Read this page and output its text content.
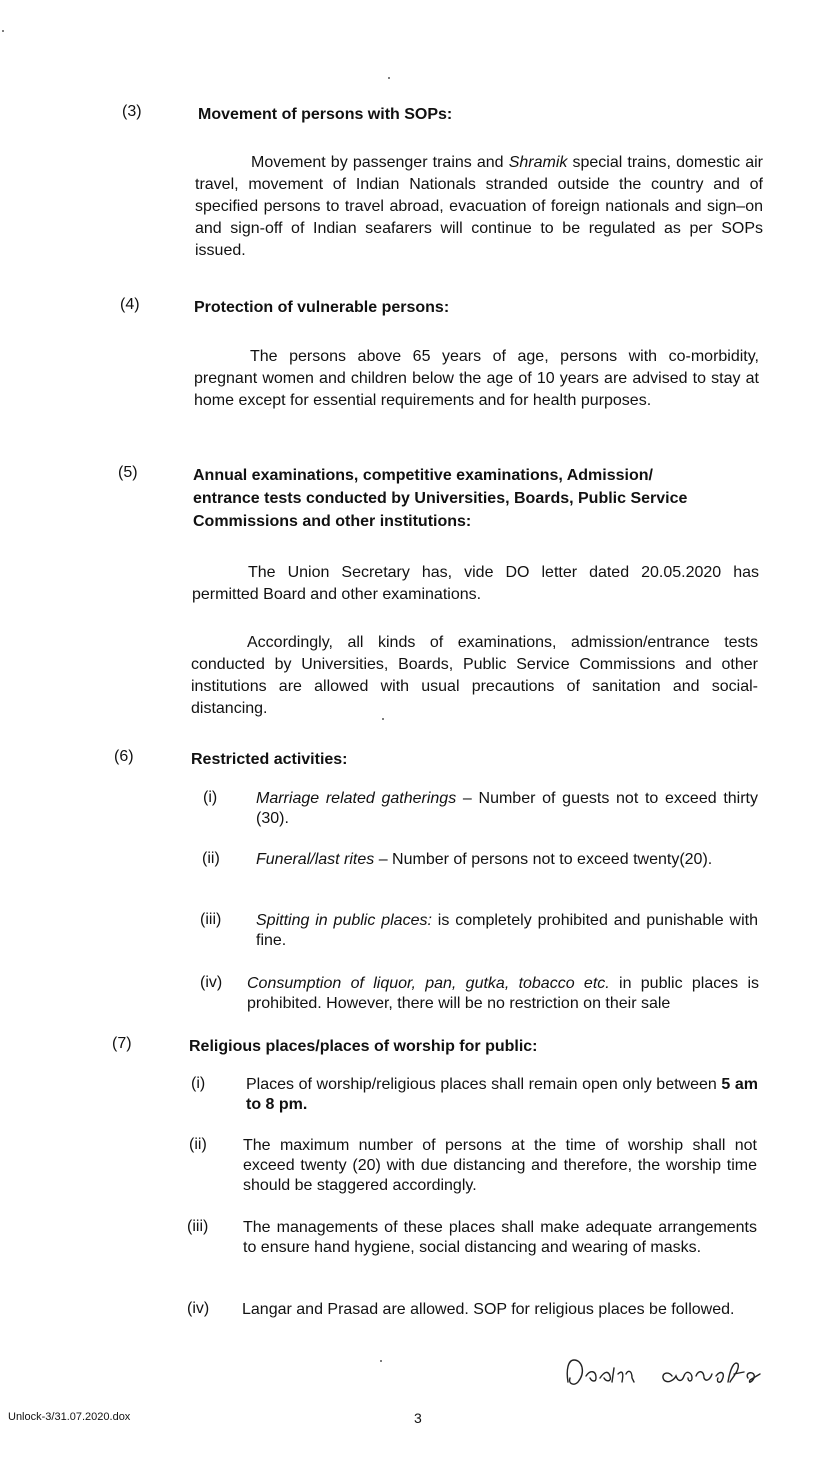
(3)	Movement of persons with SOPs:
Movement by passenger trains and Shramik special trains, domestic air travel, movement of Indian Nationals stranded outside the country and of specified persons to travel abroad, evacuation of foreign nationals and sign–on and sign-off of Indian seafarers will continue to be regulated as per SOPs issued.
(4)	Protection of vulnerable persons:
The persons above 65 years of age, persons with co-morbidity, pregnant women and children below the age of 10 years are advised to stay at home except for essential requirements and for health purposes.
(5)	Annual examinations, competitive examinations, Admission/ entrance tests conducted by Universities, Boards, Public Service Commissions and other institutions:
The Union Secretary has, vide DO letter dated 20.05.2020 has permitted Board and other examinations.
Accordingly, all kinds of examinations, admission/entrance tests conducted by Universities, Boards, Public Service Commissions and other institutions are allowed with usual precautions of sanitation and social-distancing.
(6)	Restricted activities:
(i) Marriage related gatherings – Number of guests not to exceed thirty (30).
(ii) Funeral/last rites – Number of persons not to exceed twenty(20).
(iii) Spitting in public places: is completely prohibited and punishable with fine.
(iv) Consumption of liquor, pan, gutka, tobacco etc. in public places is prohibited. However, there will be no restriction on their sale
(7)	Religious places/places of worship for public:
(i)	Places of worship/religious places shall remain open only between 5 am to 8 pm.
(ii) The maximum number of persons at the time of worship shall not exceed twenty (20) with due distancing and therefore, the worship time should be staggered accordingly.
(iii) The managements of these places shall make adequate arrangements to ensure hand hygiene, social distancing and wearing of masks.
(iv) Langar and Prasad are allowed. SOP for religious places be followed.
Unlock-3/31.07.2020.dox	3
